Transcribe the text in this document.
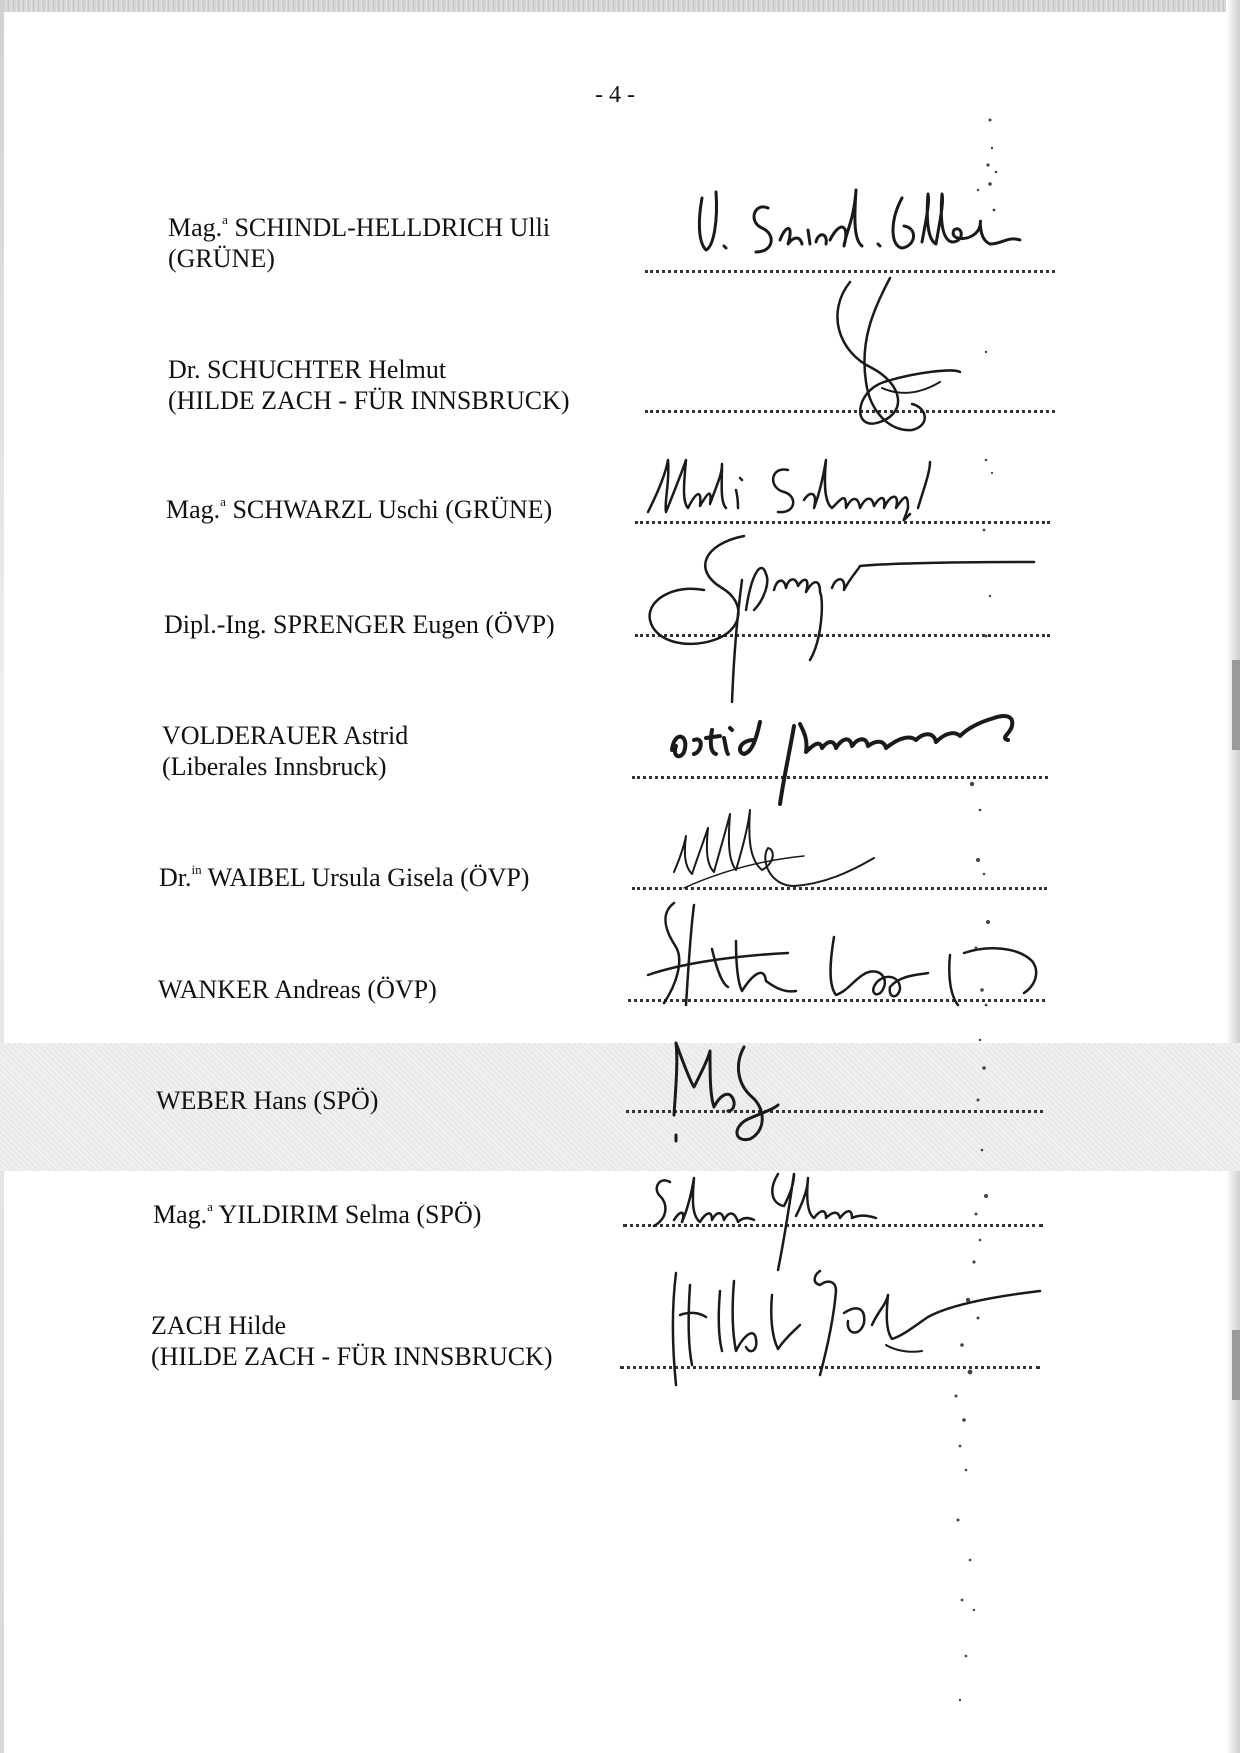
- 4 -
Mag.$^a$ SCHINDL-HELLDRICH Ulli
(GRÜNE)
Dr. SCHUCHTER Helmut
(HILDE ZACH - FÜR INNSBRUCK)
Mag.$^a$ SCHWARZL Uschi (GRÜNE)
Dipl.-Ing. SPRENGER Eugen (ÖVP)
VOLDERAUER Astrid
(Liberales Innsbruck)
Dr.$^{in}$ WAIBEL Ursula Gisela (ÖVP)
WANKER Andreas (ÖVP)
WEBER Hans (SPÖ)
Mag.$^a$ YILDIRIM Selma (SPÖ)
ZACH Hilde
(HILDE ZACH - FÜR INNSBRUCK)
